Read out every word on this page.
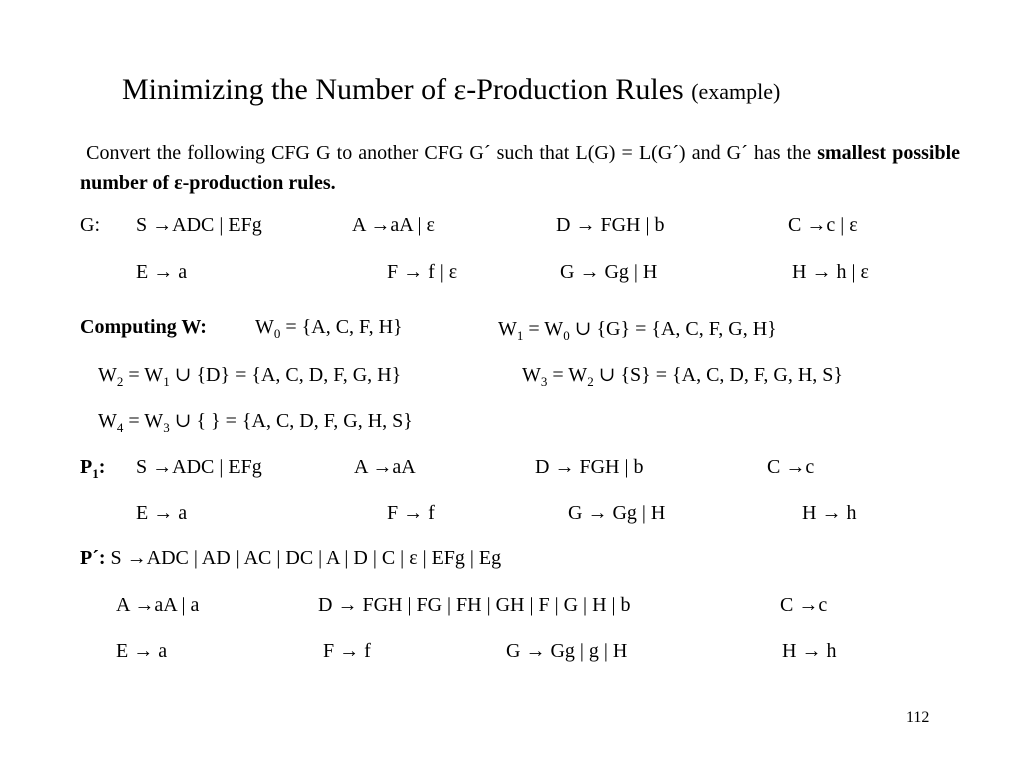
Minimizing the Number of ε-Production Rules (example)
Convert the following CFG G to another CFG G´ such that L(G) = L(G´) and G´ has the smallest possible number of ε-production rules.
G: S →ADC | EFg	A →aA | ε	D → FGH | b	C →c | ε
E → a	F → f | ε	G → Gg | H	H → h | ε
Computing W: $W_0 = \{A$, C, F, H}	$W_1 = W_0$ ∪ {G} = {A, C, F, G, H}
$W_2 = W_1$ ∪ {D} = {A, C, D, F, G, H}	$W_3 = W_2$ ∪ {S} = {A, C, D, F, G, H, S}
$W_4 = W_3$ ∪ { } = {A, C, D, F, G, H, S}
$P_1$: S →ADC | EFg	A →aA	D → FGH | b	C →c
E → a	F → f	G → Gg | H	H → h
P´: S →ADC | AD | AC | DC | A | D | C | ε | EFg | Eg
A →aA | a	D → FGH | FG | FH | GH | F | G | H | b	C →c
E → a	F → f	G → Gg | g | H	H → h
112
